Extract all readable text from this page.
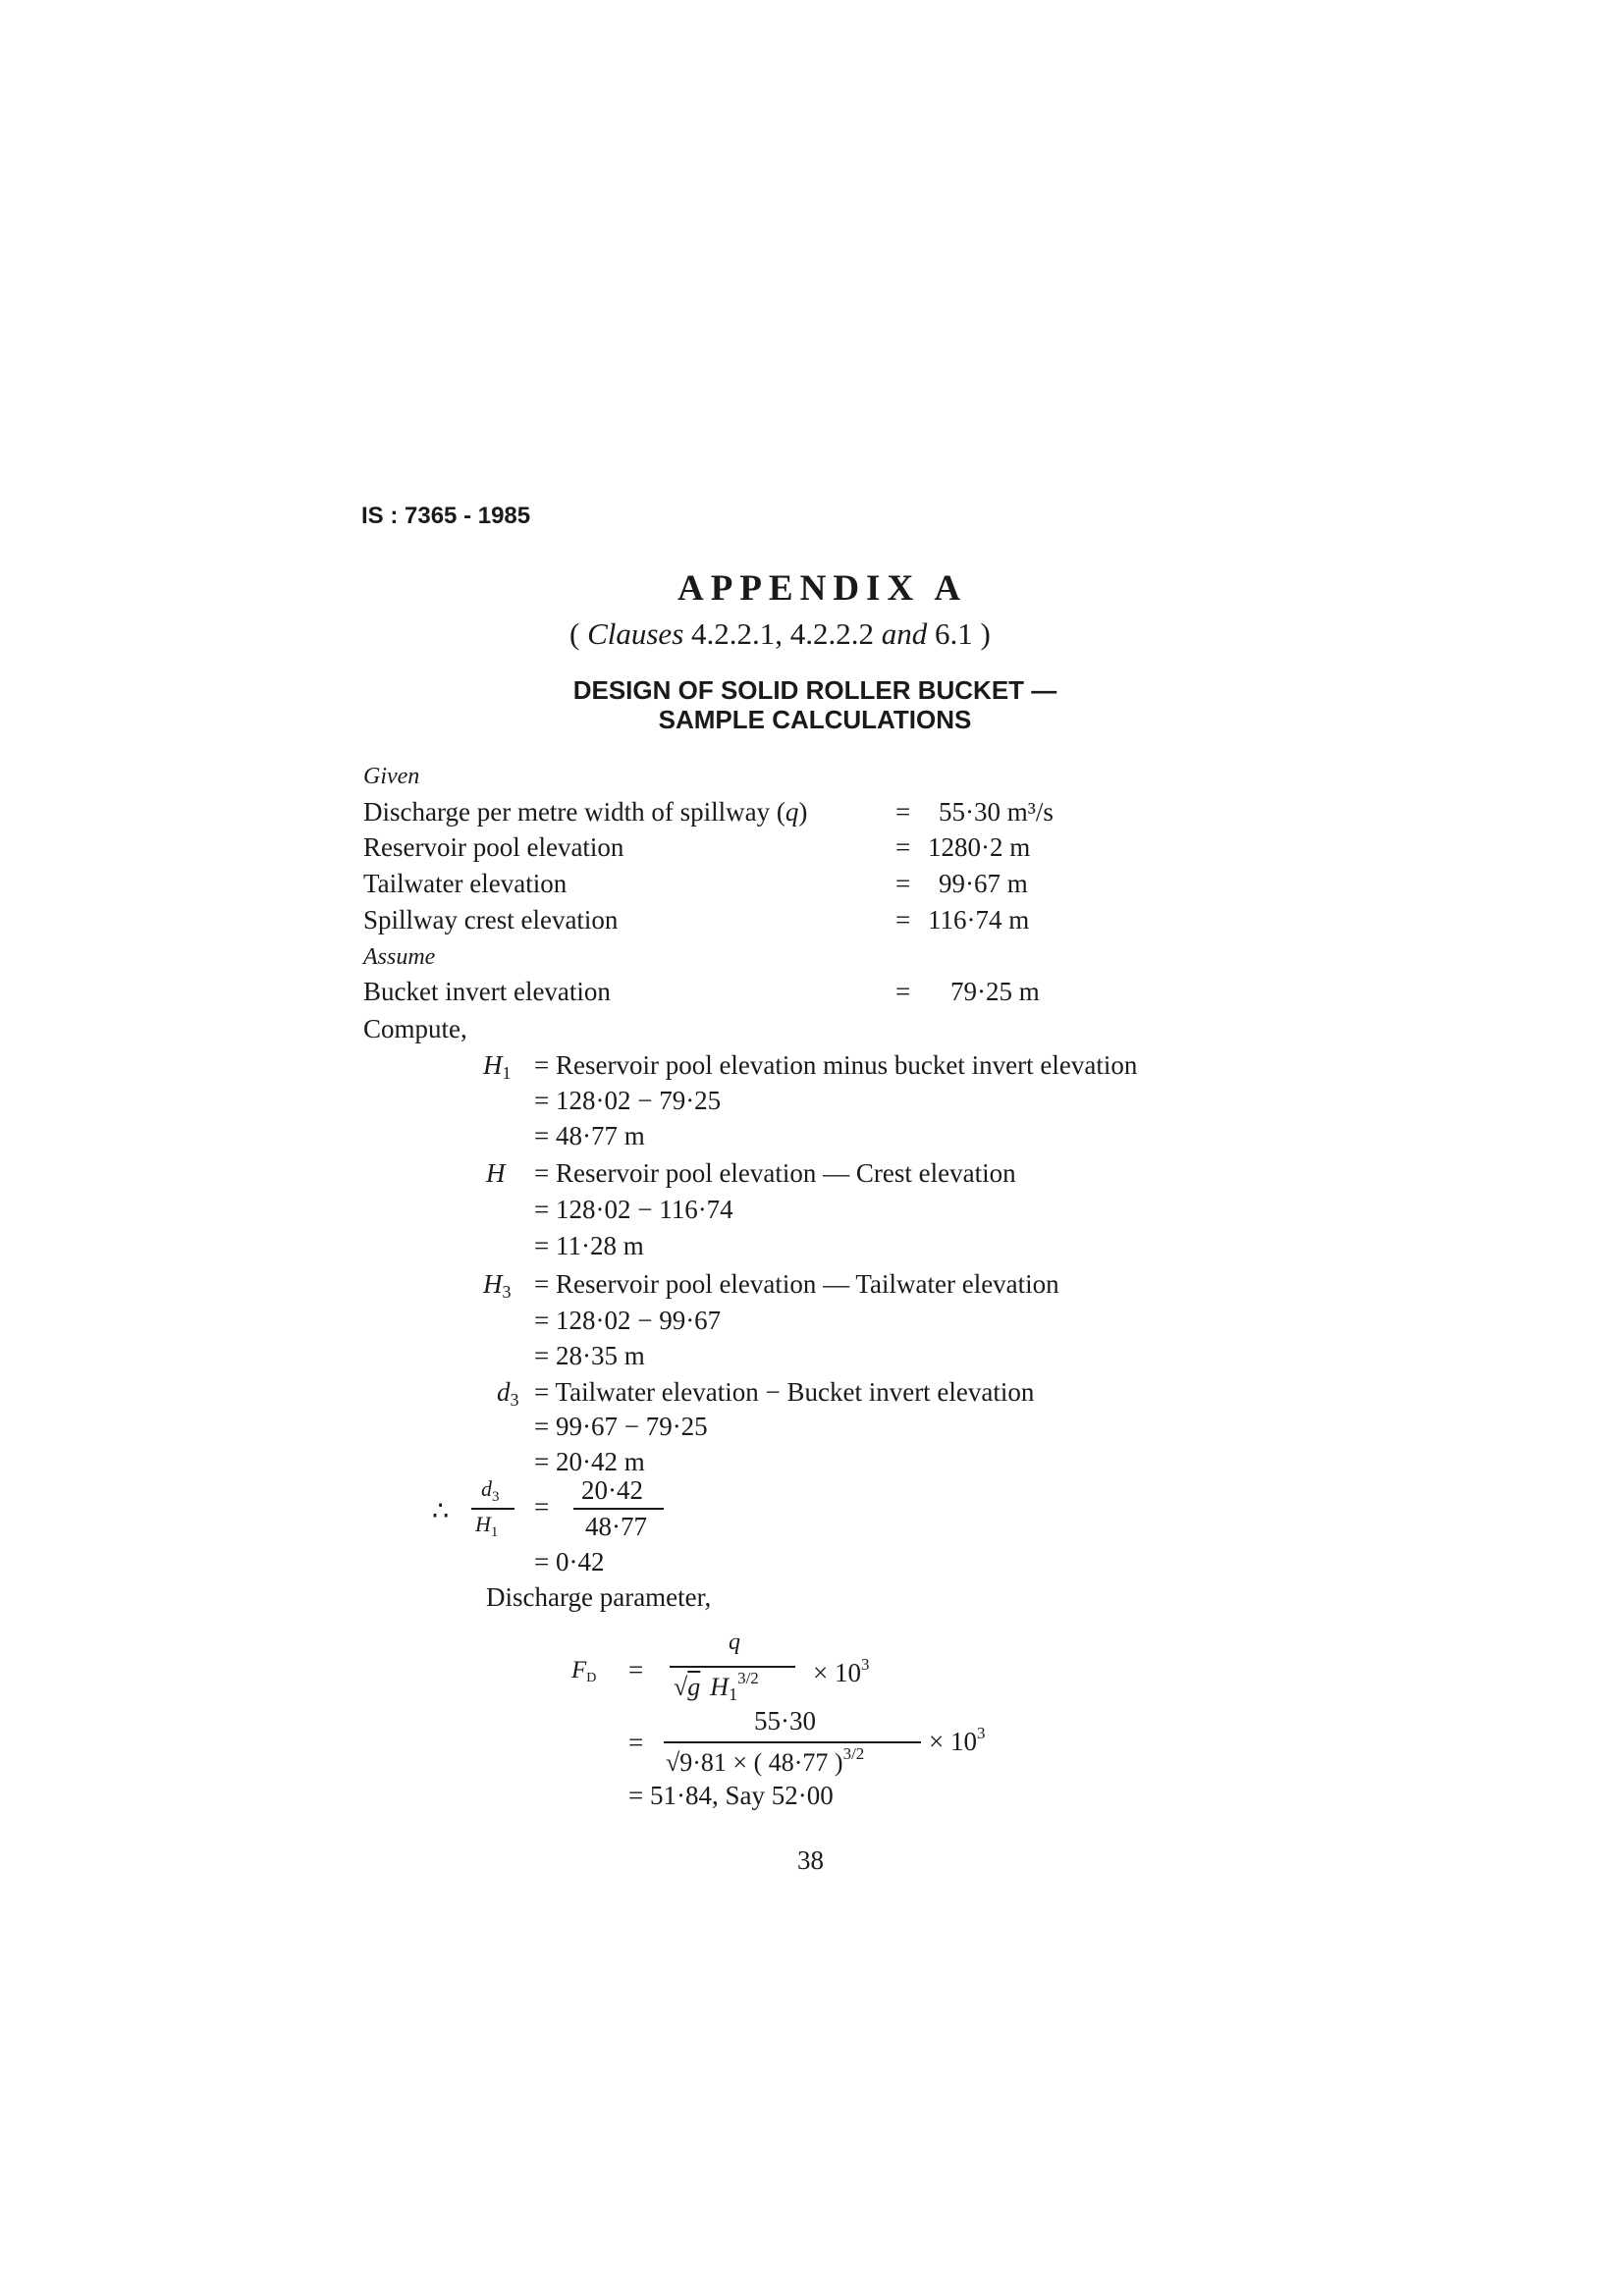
IS : 7365 - 1985
APPENDIX A
( Clauses 4.2.2.1, 4.2.2.2 and 6.1 )
DESIGN OF SOLID ROLLER BUCKET —
SAMPLE CALCULATIONS
Given
Discharge per metre width of spillway (q)	= 55·30 m³/s
Reservoir pool elevation	= 1280·2 m
Tailwater elevation	= 99·67 m
Spillway crest elevation	= 116·74 m
Assume
Bucket invert elevation	= 79·25 m
Compute,
$H_1$ = Reservoir pool elevation minus bucket invert elevation
= 128·02 − 79·25
= 48·77 m
H = Reservoir pool elevation — Crest elevation
= 128·02 − 116·74
= 11·28 m
$H_3$ = Reservoir pool elevation — Tailwater elevation
= 128·02 − 99·67
= 28·35 m
$d_3$ = Tailwater elevation − Bucket invert elevation
= 99·67 − 79·25
= 20·42 m
∴
$d_3$
$H_1$
=
20·42
48·77
= 0·42
Discharge parameter,
$F_D$ =
q
√g $H_1^{3/2} \times 10^3$
=
55·30
√9·81 × ( 48·77 )$^{3/2} \times 10^3$
= 51·84, Say 52·00
38
